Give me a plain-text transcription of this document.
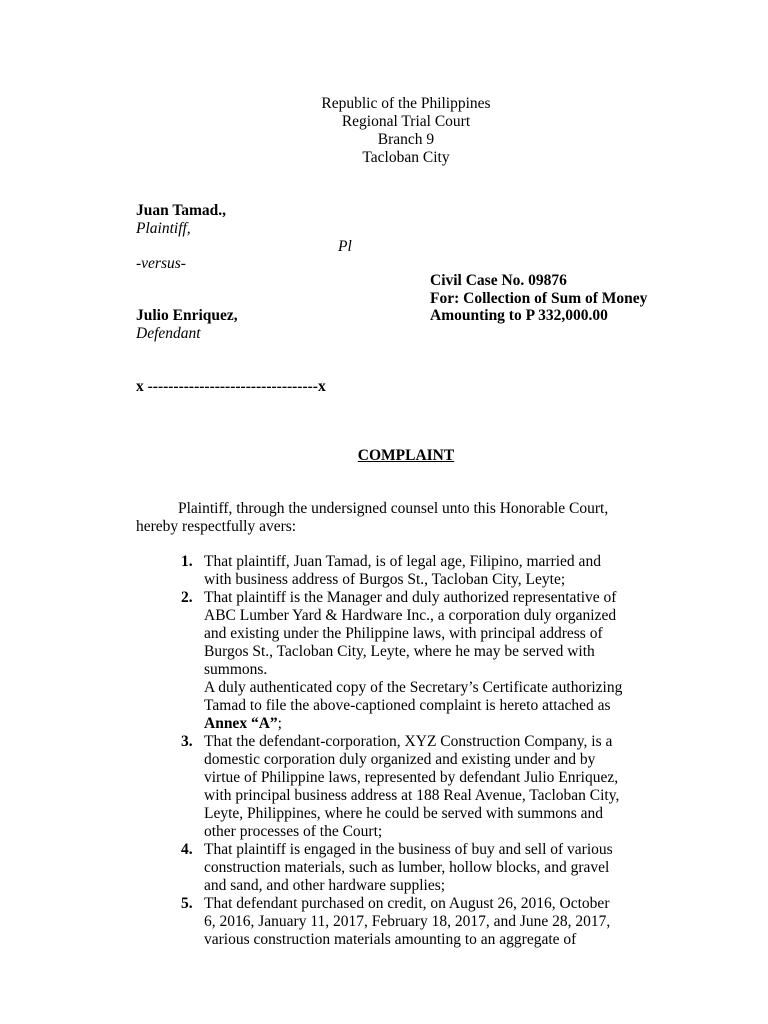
Republic of the Philippines
Regional Trial Court
Branch 9
Tacloban City
Juan Tamad.,
Plaintiff,
Pl
-versus-
Civil Case No. 09876
For: Collection of Sum of Money
Amounting to P 332,000.00
Julio Enriquez,
Defendant
x ---------------------------------x
COMPLAINT
Plaintiff, through the undersigned counsel unto this Honorable Court,
hereby respectfully avers:
1. That plaintiff, Juan Tamad, is of legal age, Filipino, married and
with business address of Burgos St., Tacloban City, Leyte;
2. That plaintiff is the Manager and duly authorized representative of
ABC Lumber Yard & Hardware Inc., a corporation duly organized
and existing under the Philippine laws, with principal address of
Burgos St., Tacloban City, Leyte, where he may be served with
summons.
A duly authenticated copy of the Secretary’s Certificate authorizing
Tamad to file the above-captioned complaint is hereto attached as
Annex “A”;
3. That the defendant-corporation, XYZ Construction Company, is a
domestic corporation duly organized and existing under and by
virtue of Philippine laws, represented by defendant Julio Enriquez,
with principal business address at 188 Real Avenue, Tacloban City,
Leyte, Philippines, where he could be served with summons and
other processes of the Court;
4. That plaintiff is engaged in the business of buy and sell of various
construction materials, such as lumber, hollow blocks, and gravel
and sand, and other hardware supplies;
5. That defendant purchased on credit, on August 26, 2016, October
6, 2016, January 11, 2017, February 18, 2017, and June 28, 2017,
various construction materials amounting to an aggregate of
